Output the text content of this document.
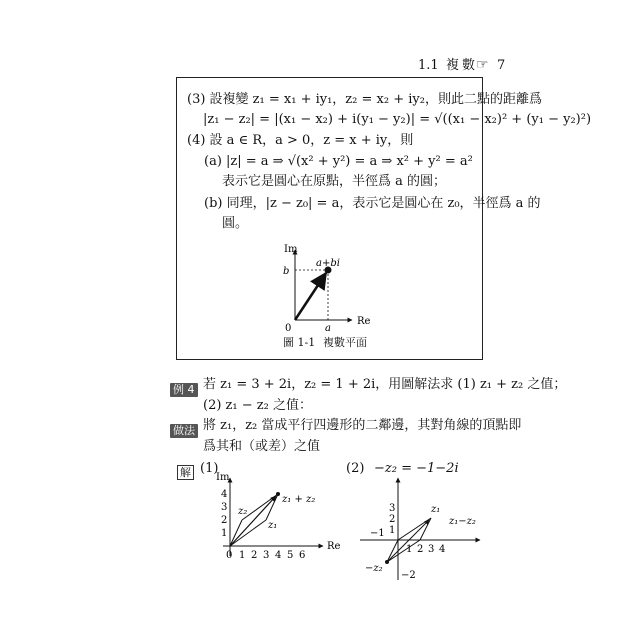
1.1 複數
☞ 7
(3) 設複變 z₁ = x₁ + iy₁，z₂ = x₂ + iy₂，則此二點的距離爲
|z₁ − z₂| = |(x₁ − x₂) + i(y₁ − y₂)| = √((x₁ − x₂)² + (y₁ − y₂)²)
(4) 設 a ∈ R，a > 0，z = x + iy，則
(a) |z| = a ⇒ √(x² + y²) = a ⇒ x² + y² = a²
表示它是圓心在原點，半徑爲 a 的圓；
(b) 同理，|z − z₀| = a，表示它是圓心在 z₀，半徑爲 a 的
圓。
Im
Re
0
a+bi
b
a
圖 1-1 複數平面
例 4 若 z₁ = 3 + 2i，z₂ = 1 + 2i，用圖解法求 (1) z₁ + z₂ 之值；
(2) z₁ − z₂ 之值：
做法 將 z₁，z₂ 當成平行四邊形的二鄰邊，其對角線的頂點即
爲其和（或差）之值
解 (1)	(2) −z₂ = −1−2i
Im
Re
0 1 2 3 4 5 6
1
2
3
4
z₂
z₁
z₁ + z₂
1 2 3 4
−1 1
2
3
−2
z₁
z₁−z₂
−z₂
